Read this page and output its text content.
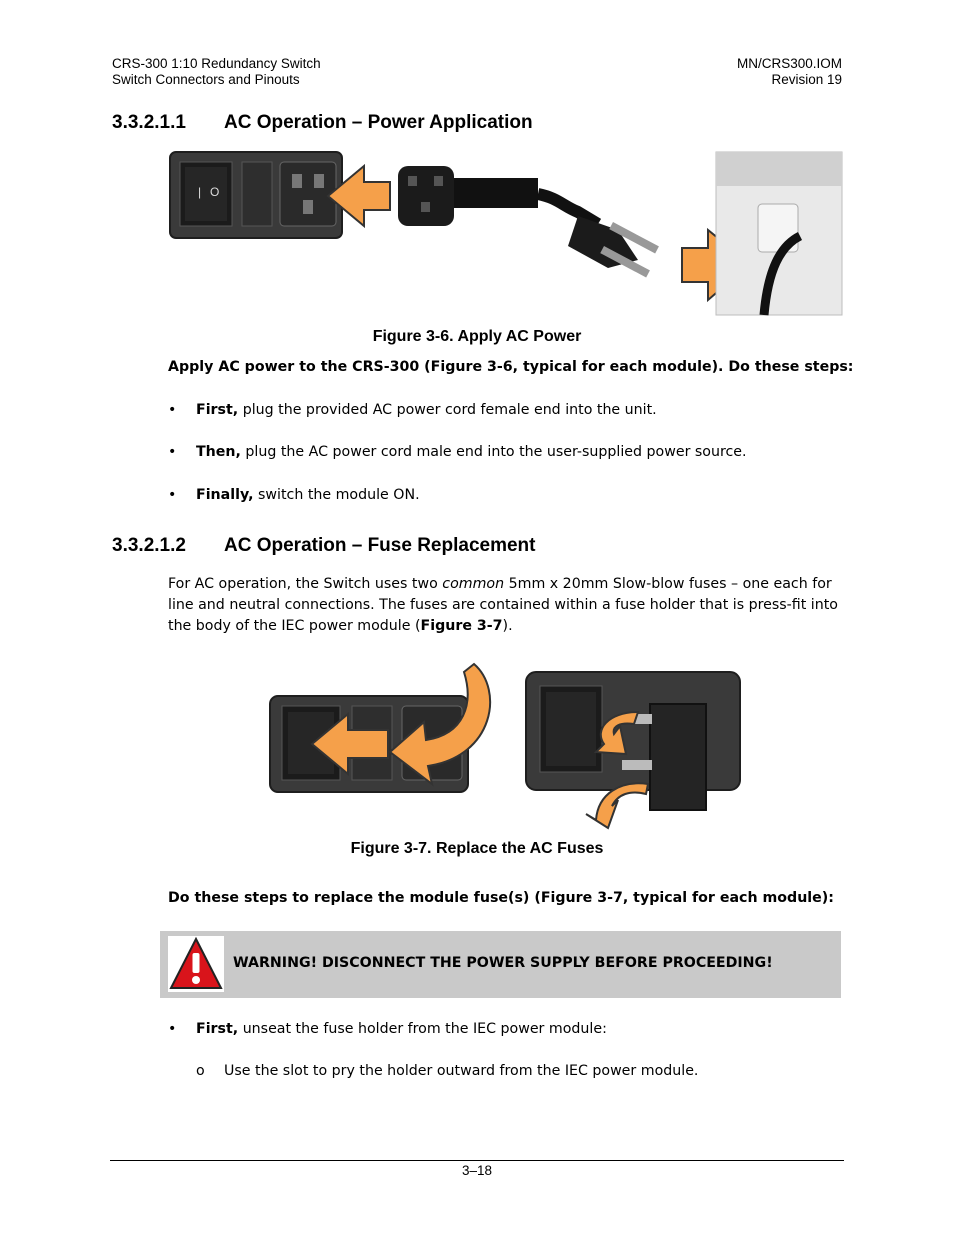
CRS-300 1:10 Redundancy Switch
Switch Connectors and Pinouts
MN/CRS300.IOM
Revision 19
3.3.2.1.1 AC Operation – Power Application
| O
Figure 3-6. Apply AC Power
Apply AC power to the CRS-300 (Figure 3-6, typical for each module). Do these steps:
• First, plug the provided AC power cord female end into the unit.
• Then, plug the AC power cord male end into the user-supplied power source.
• Finally, switch the module ON.
3.3.2.1.2 AC Operation – Fuse Replacement
For AC operation, the Switch uses two common 5mm x 20mm Slow-blow fuses – one each for
line and neutral connections. The fuses are contained within a fuse holder that is press-fit into
the body of the IEC power module (Figure 3-7).
Figure 3-7. Replace the AC Fuses
Do these steps to replace the module fuse(s) (Figure 3-7, typical for each module):
WARNING! DISCONNECT THE POWER SUPPLY BEFORE PROCEEDING!
• First, unseat the fuse holder from the IEC power module:
o Use the slot to pry the holder outward from the IEC power module.
3–18
